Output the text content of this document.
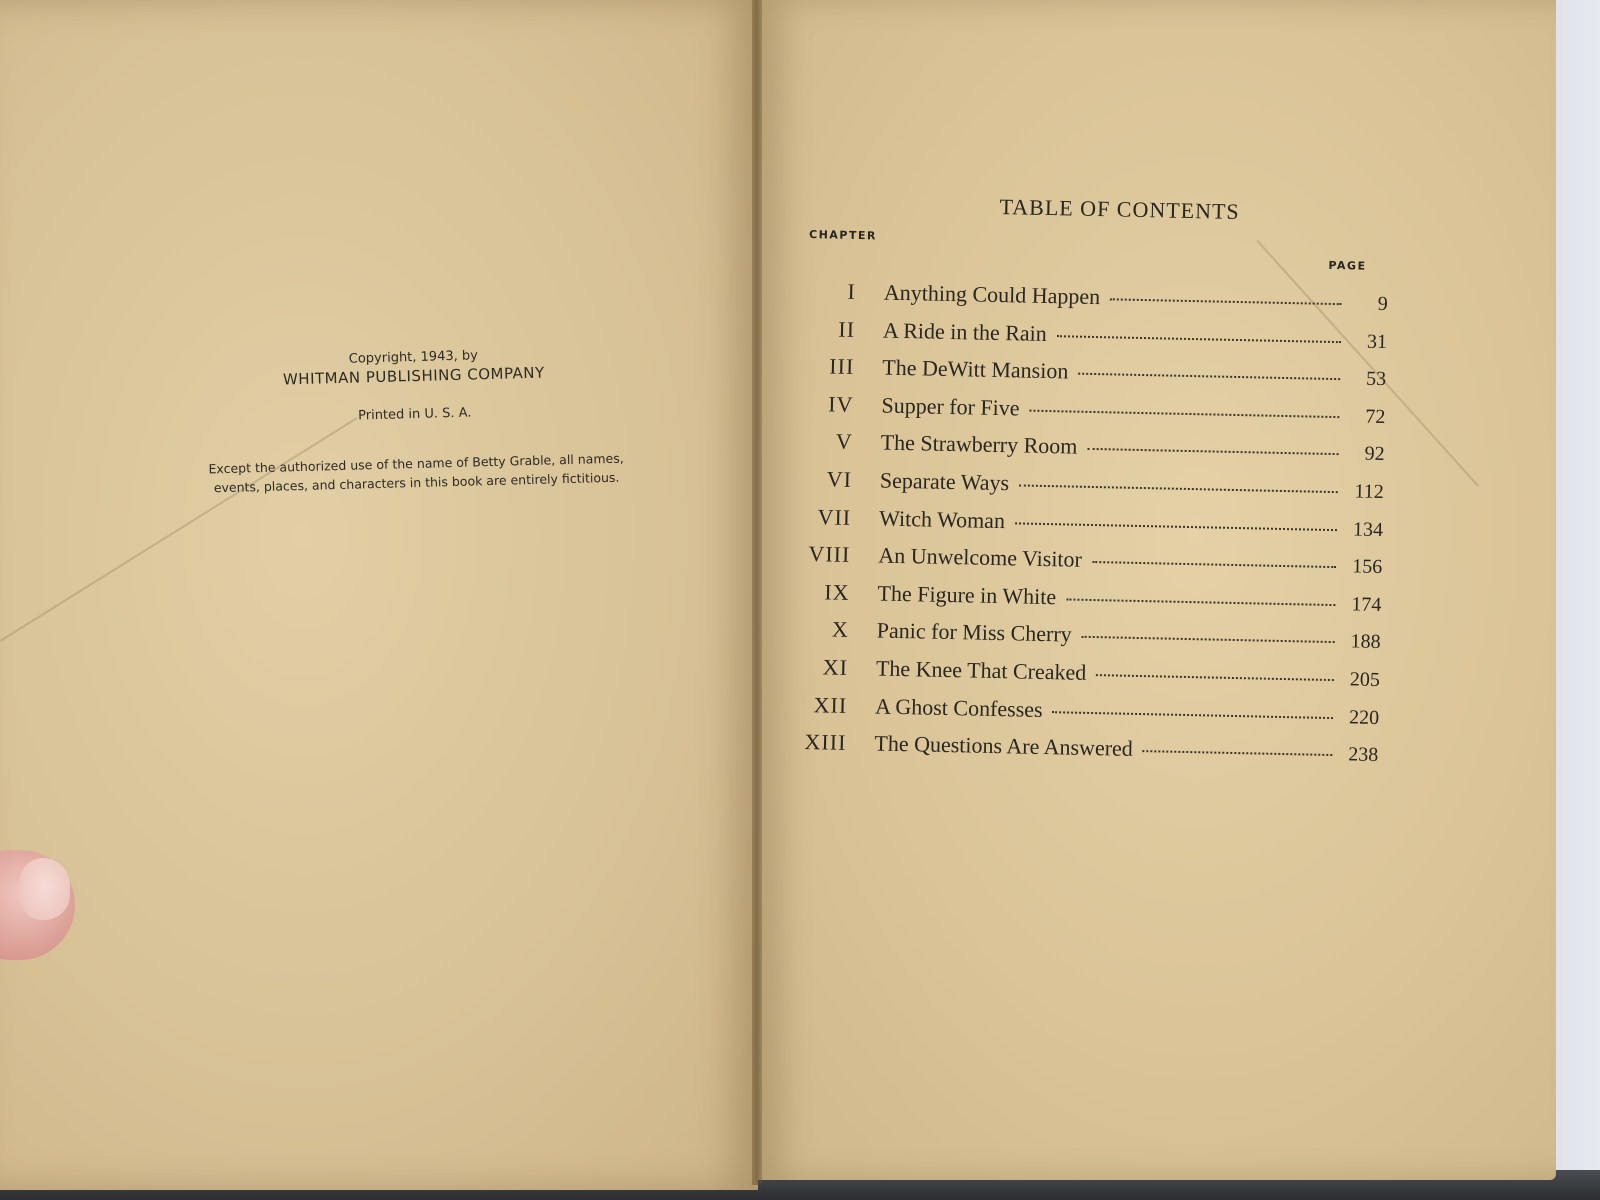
Copyright, 1943, by
WHITMAN PUBLISHING COMPANY
Printed in U. S. A.
Except the authorized use of the name of Betty Grable, all names, events, places, and characters in this book are entirely fictitious.
TABLE OF CONTENTS
CHAPTER
PAGE
I Anything Could Happen	9
II A Ride in the Rain	31
III The DeWitt Mansion	53
IV Supper for Five	72
V The Strawberry Room	92
VI Separate Ways	112
VII Witch Woman	134
VIII An Unwelcome Visitor	156
IX The Figure in White	174
X Panic for Miss Cherry	188
XI The Knee That Creaked	205
XII A Ghost Confesses	220
XIII The Questions Are Answered	238
